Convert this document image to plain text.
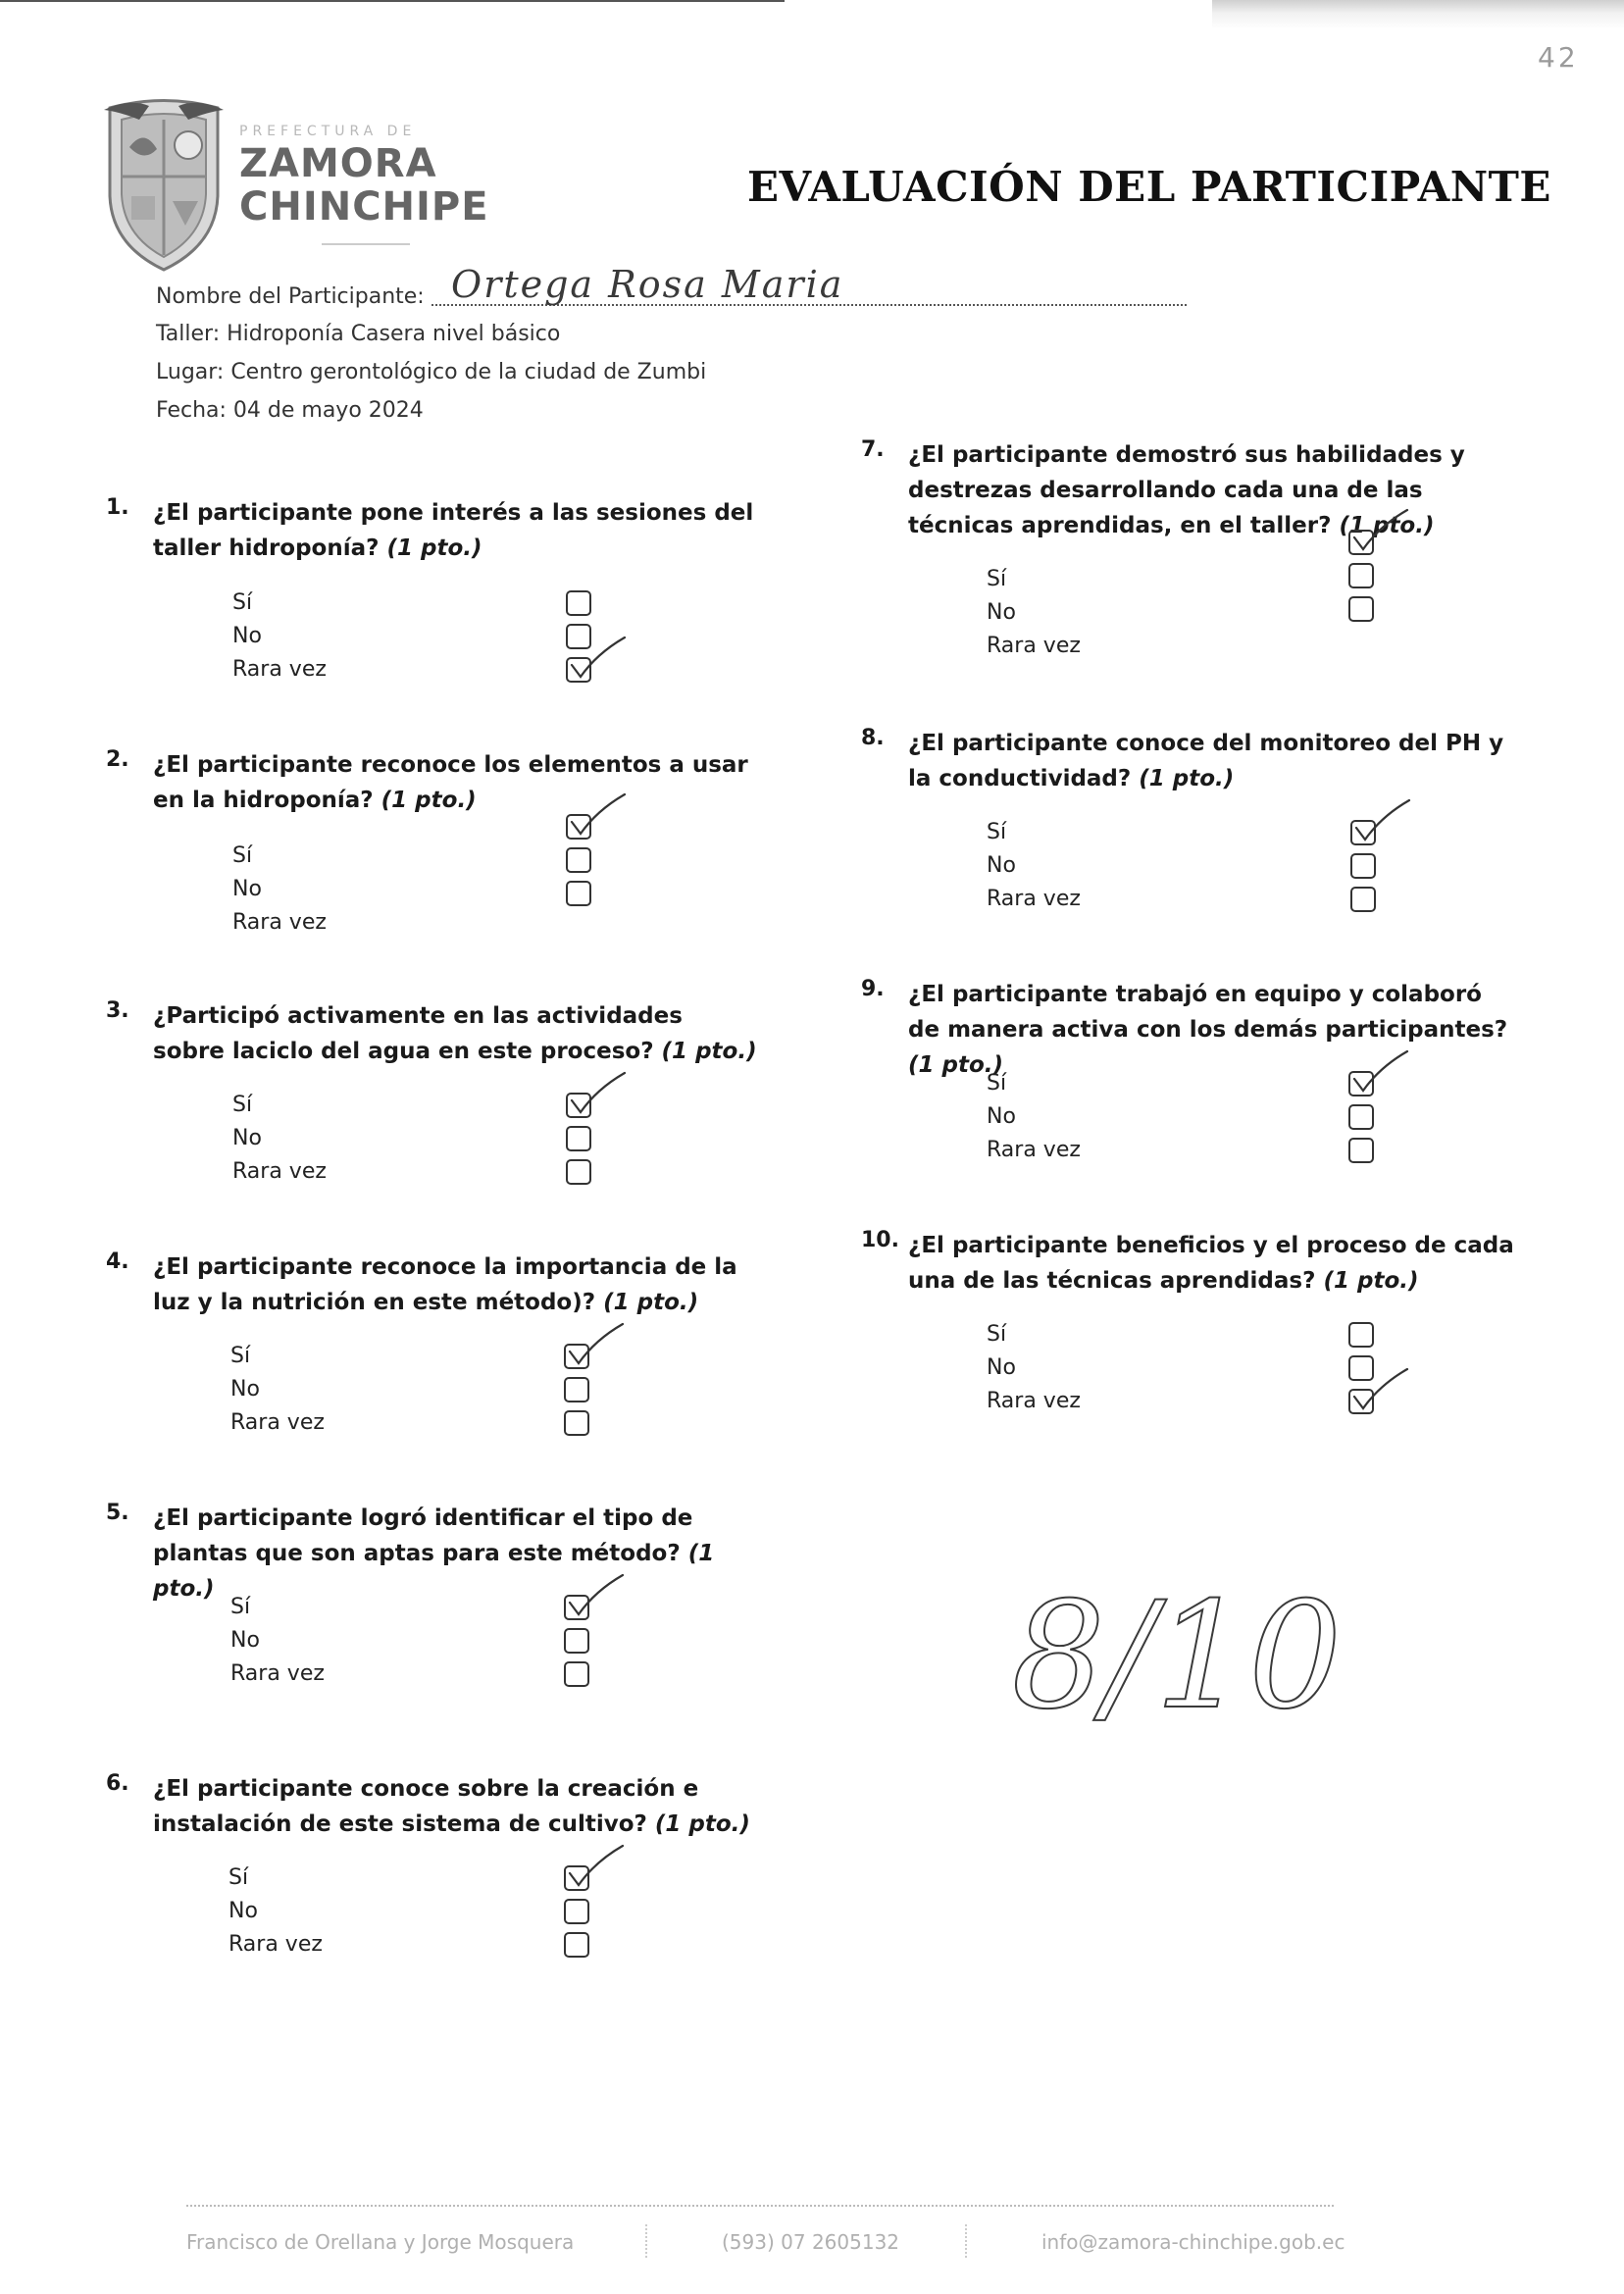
42
PREFECTURA DE
ZAMORA
CHINCHIPE	EVALUACIÓN DEL PARTICIPANTE
Nombre del Participante: Ortega Rosa Maria
Taller: Hidroponía Casera nivel básico
Lugar: Centro gerontológico de la ciudad de Zumbi
Fecha: 04 de mayo 2024
1. ¿El participante pone interés a las sesiones del taller hidroponía? (1 pto.)
Sí
No
Rara vez
2. ¿El participante reconoce los elementos a usar en la hidroponía? (1 pto.)
Sí
No
Rara vez
3. ¿Participó activamente en las actividades sobre laciclo del agua en este proceso? (1 pto.)
Sí
No
Rara vez
4. ¿El participante reconoce la importancia de la luz y la nutrición en este método)? (1 pto.)
Sí
No
Rara vez
5. ¿El participante logró identificar el tipo de plantas que son aptas para este método? (1 pto.)
Sí
No
Rara vez
6. ¿El participante conoce sobre la creación e instalación de este sistema de cultivo? (1 pto.)
Sí
No
Rara vez
7. ¿El participante demostró sus habilidades y destrezas desarrollando cada una de las técnicas aprendidas, en el taller? (1 pto.)
Sí
No
Rara vez
8. ¿El participante conoce del monitoreo del PH y la conductividad? (1 pto.)
Sí
No
Rara vez
9. ¿El participante trabajó en equipo y colaboró de manera activa con los demás participantes? (1 pto.)
Sí
No
Rara vez
10. ¿El participante beneficios y el proceso de cada una de las técnicas aprendidas? (1 pto.)
Sí
No
Rara vez
8/10
Francisco de Orellana y Jorge Mosquera	(593) 07 2605132	info@zamora-chinchipe.gob.ec
